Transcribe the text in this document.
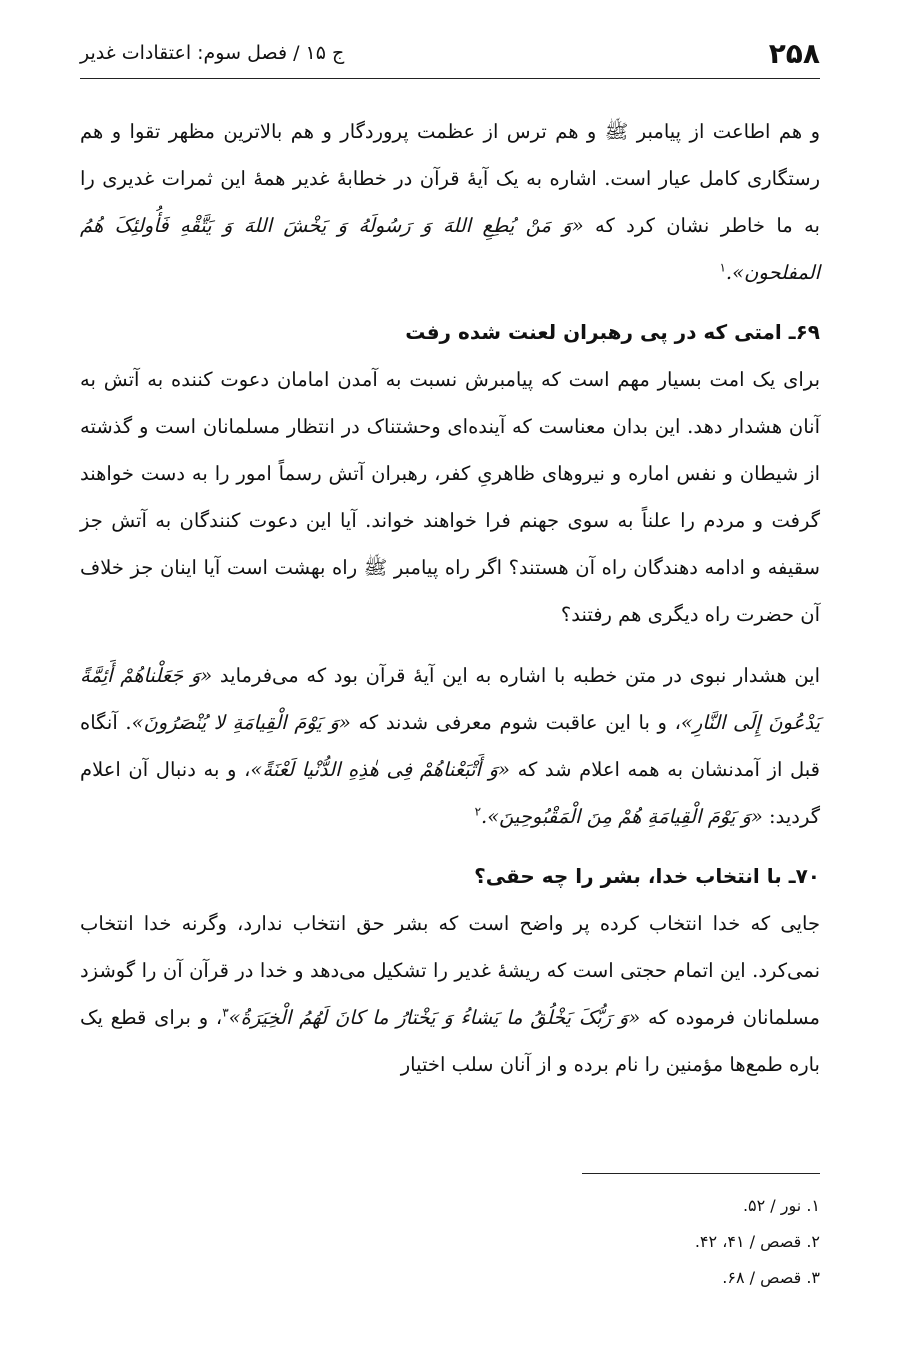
۲۵۸
ج ۱۵ / فصل سوم: اعتقادات غدیر

و هم اطاعت از پیامبر ﷺ و هم ترس از عظمت پروردگار و هم بالاترین مظهر تقوا و هم رستگاری کامل عیار است. اشاره به یک آیهٔ قرآن در خطابهٔ غدیر همهٔ این ثمرات غدیری را به ما خاطر نشان کرد که «وَ مَنْ یُطِعِ اللهَ وَ رَسُولَهُ وَ یَخْشَ اللهَ وَ یَتَّقْهِ فَأُولئِکَ هُمُ المفلحون».$^۱$

۶۹ـ امتی که در پی رهبران لعنت شده رفت

برای یک امت بسیار مهم است که پیامبرش نسبت به آمدن امامان دعوت کننده به آتش به آنان هشدار دهد. این بدان معناست که آینده‌ای وحشتناک در انتظار مسلمانان است و گذشته از شیطان و نفس اماره و نیروهای ظاهریِ کفر، رهبران آتش رسماً امور را به دست خواهند گرفت و مردم را علناً به سوی جهنم فرا خواهند خواند. آیا این دعوت کنندگان به آتش جز سقیفه و ادامه دهندگان راه آن هستند؟ اگر راه پیامبر ﷺ راه بهشت است آیا اینان جز خلاف آن حضرت راه دیگری هم رفتند؟

این هشدار نبوی در متن خطبه با اشاره به این آیهٔ قرآن بود که می‌فرماید «وَ جَعَلْناهُمْ أَئِمَّةً یَدْعُونَ إِلَی النَّارِ»، و با این عاقبت شوم معرفی شدند که «وَ یَوْمَ الْقِیامَةِ لا یُنْصَرُونَ». آنگاه قبل از آمدنشان به همه اعلام شد که «وَ أَتْبَعْناهُمْ فِی هٰذِهِ الدُّنْیا لَعْنَةً»، و به دنبال آن اعلام گردید: «وَ یَوْمَ الْقِیامَةِ هُمْ مِنَ الْمَقْبُوحِینَ».$^۲$

۷۰ـ با انتخاب خدا، بشر را چه حقی؟

جایی که خدا انتخاب کرده پر واضح است که بشر حق انتخاب ندارد، وگرنه خدا انتخاب نمی‌کرد. این اتمام حجتی است که ریشهٔ غدیر را تشکیل می‌دهد و خدا در قرآن آن را گوشزد مسلمانان فرموده که «وَ رَبُّکَ یَخْلُقُ ما یَشاءُ وَ یَخْتارُ ما کانَ لَهُمُ الْخِیَرَةُ»$^۳$، و برای قطع یک باره طمع‌ها مؤمنین را نام برده و از آنان سلب اختیار

۱. نور / ۵۲.
۲. قصص / ۴۱، ۴۲.
۳. قصص / ۶۸.
